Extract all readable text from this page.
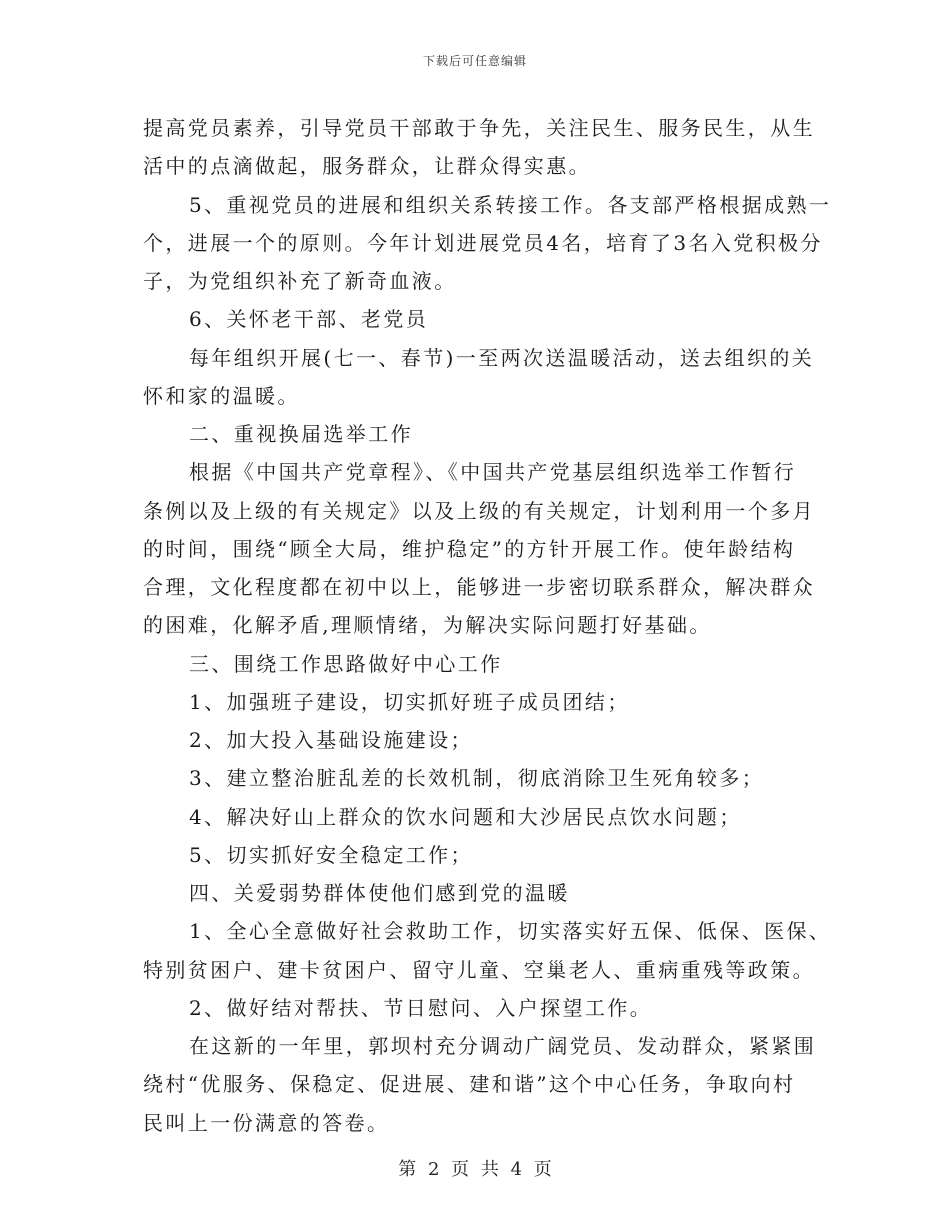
下载后可任意编辑
提高党员素养，引导党员干部敢于争先，关注民生、服务民生，从生
活中的点滴做起，服务群众，让群众得实惠。
5、重视党员的进展和组织关系转接工作。各支部严格根据成熟一
个，进展一个的原则。今年计划进展党员4名，培育了3名入党积极分
子，为党组织补充了新奇血液。
6、关怀老干部、老党员
每年组织开展(七一、春节)一至两次送温暖活动，送去组织的关
怀和家的温暖。
二、重视换届选举工作
根据《中国共产党章程》、《中国共产党基层组织选举工作暂行
条例以及上级的有关规定》以及上级的有关规定，计划利用一个多月
的时间，围绕“顾全大局，维护稳定”的方针开展工作。使年龄结构
合理，文化程度都在初中以上，能够进一步密切联系群众，解决群众
的困难，化解矛盾,理顺情绪，为解决实际问题打好基础。
三、围绕工作思路做好中心工作
1、加强班子建设，切实抓好班子成员团结；
2、加大投入基础设施建设；
3、建立整治脏乱差的长效机制，彻底消除卫生死角较多；
4、解决好山上群众的饮水问题和大沙居民点饮水问题；
5、切实抓好安全稳定工作；
四、关爱弱势群体使他们感到党的温暖
1、全心全意做好社会救助工作，切实落实好五保、低保、医保、
特别贫困户、建卡贫困户、留守儿童、空巢老人、重病重残等政策。
2、做好结对帮扶、节日慰问、入户探望工作。
在这新的一年里，郭坝村充分调动广阔党员、发动群众，紧紧围
绕村“优服务、保稳定、促进展、建和谐”这个中心任务，争取向村
民叫上一份满意的答卷。
第 2 页 共 4 页
